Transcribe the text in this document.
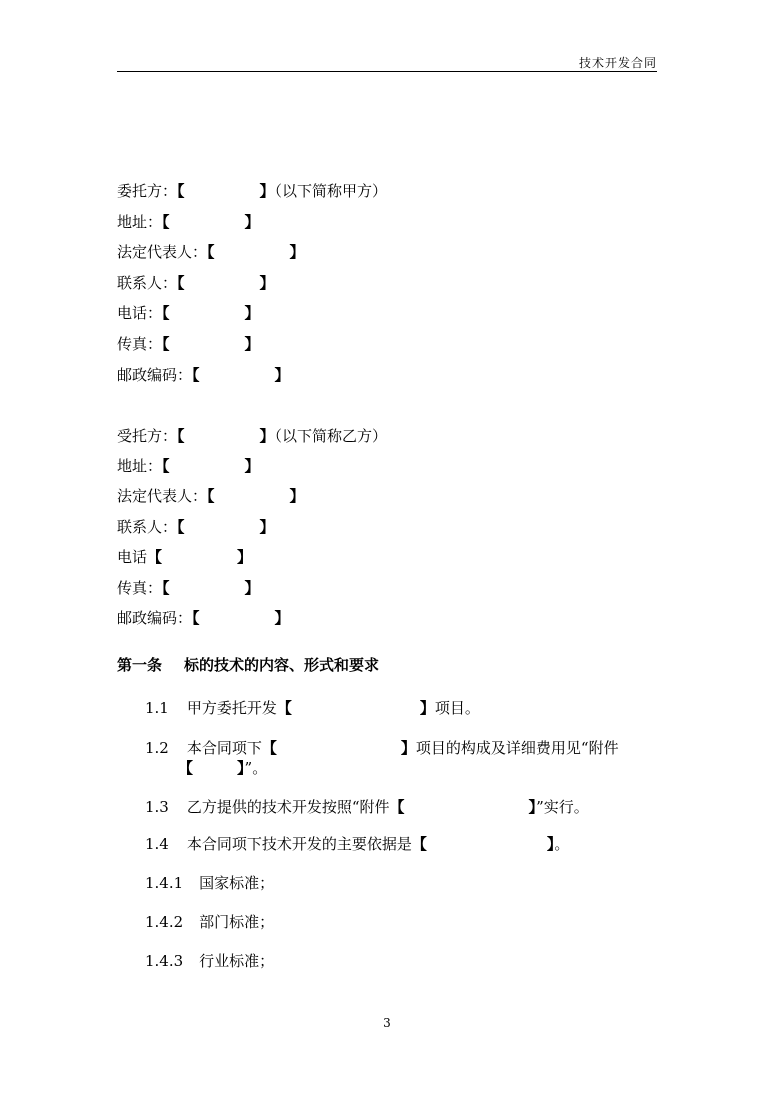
技术开发合同
委托方：【	】（以下简称甲方）
地址：【	】
法定代表人：【	】
联系人：【	】
电话：【	】
传真：【	】
邮政编码：【	】
受托方：【	】（以下简称乙方）
地址：【	】
法定代表人：【	】
联系人：【	】
电话【	】
传真：【	】
邮政编码：【	】
第一条 标的技术的内容、形式和要求
1.1 甲方委托开发【	】项目。
1.2 本合同项下【	】项目的构成及详细费用见“附件
【	】”。
1.3 乙方提供的技术开发按照“附件【	】”实行。
1.4 本合同项下技术开发的主要依据是【	】。
1.4.1 国家标准；
1.4.2 部门标准；
1.4.3 行业标准；
3
